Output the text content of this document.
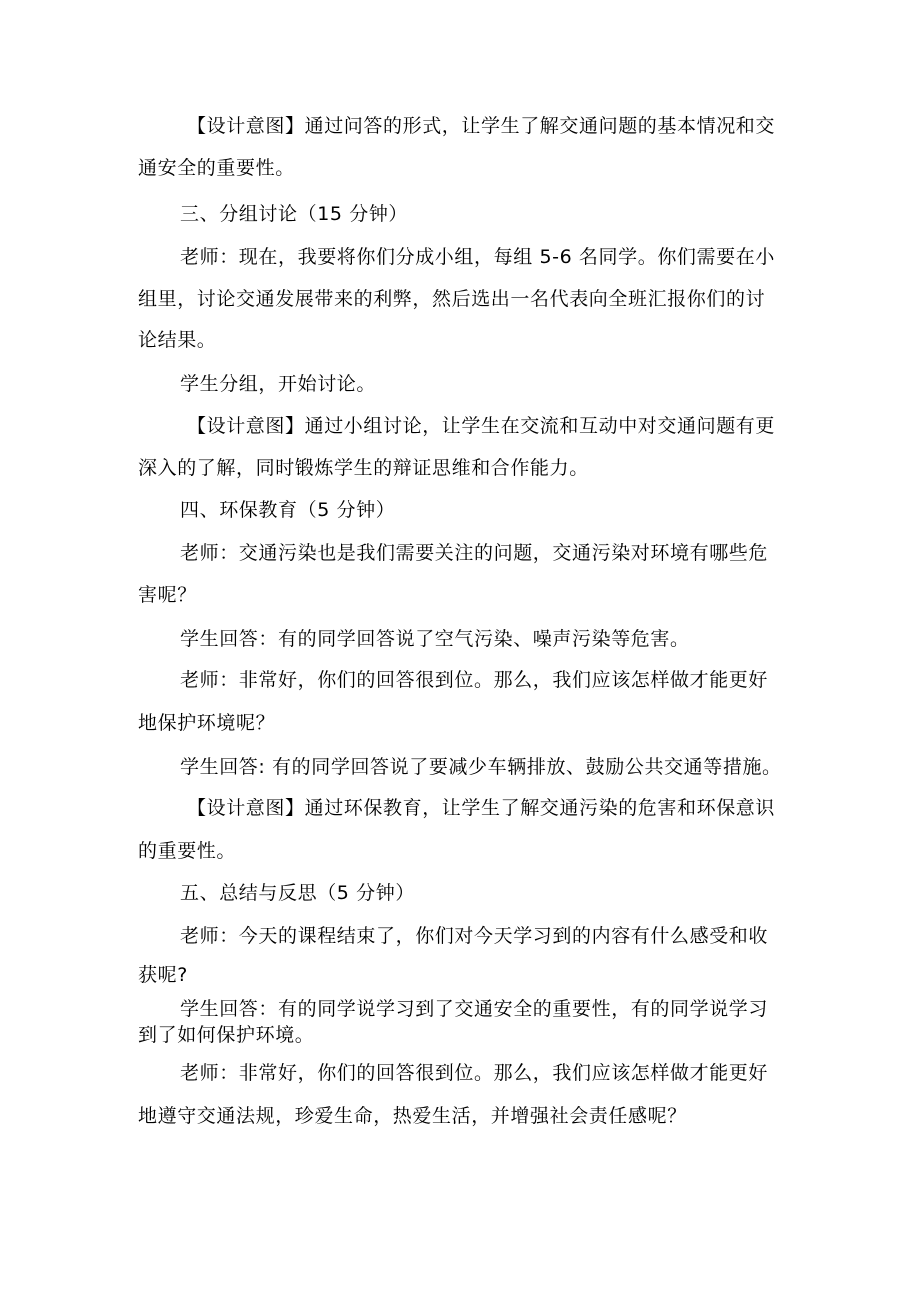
【设计意图】通过问答的形式，让学生了解交通问题的基本情况和交
通安全的重要性。
三、分组讨论（15 分钟）
老师：现在，我要将你们分成小组，每组 5-6 名同学。你们需要在小
组里，讨论交通发展带来的利弊，然后选出一名代表向全班汇报你们的讨
论结果。
学生分组，开始讨论。
【设计意图】通过小组讨论，让学生在交流和互动中对交通问题有更
深入的了解，同时锻炼学生的辩证思维和合作能力。
四、环保教育（5 分钟）
老师：交通污染也是我们需要关注的问题，交通污染对环境有哪些危
害呢？
学生回答：有的同学回答说了空气污染、噪声污染等危害。
老师：非常好，你们的回答很到位。那么，我们应该怎样做才能更好
地保护环境呢？
学生回答: 有的同学回答说了要减少车辆排放、鼓励公共交通等措施。
【设计意图】通过环保教育，让学生了解交通污染的危害和环保意识
的重要性。
五、总结与反思（5 分钟）
老师：今天的课程结束了，你们对今天学习到的内容有什么感受和收
获呢?
学生回答：有的同学说学习到了交通安全的重要性，有的同学说学习
到了如何保护环境。
老师：非常好，你们的回答很到位。那么，我们应该怎样做才能更好
地遵守交通法规，珍爱生命，热爱生活，并增强社会责任感呢？
